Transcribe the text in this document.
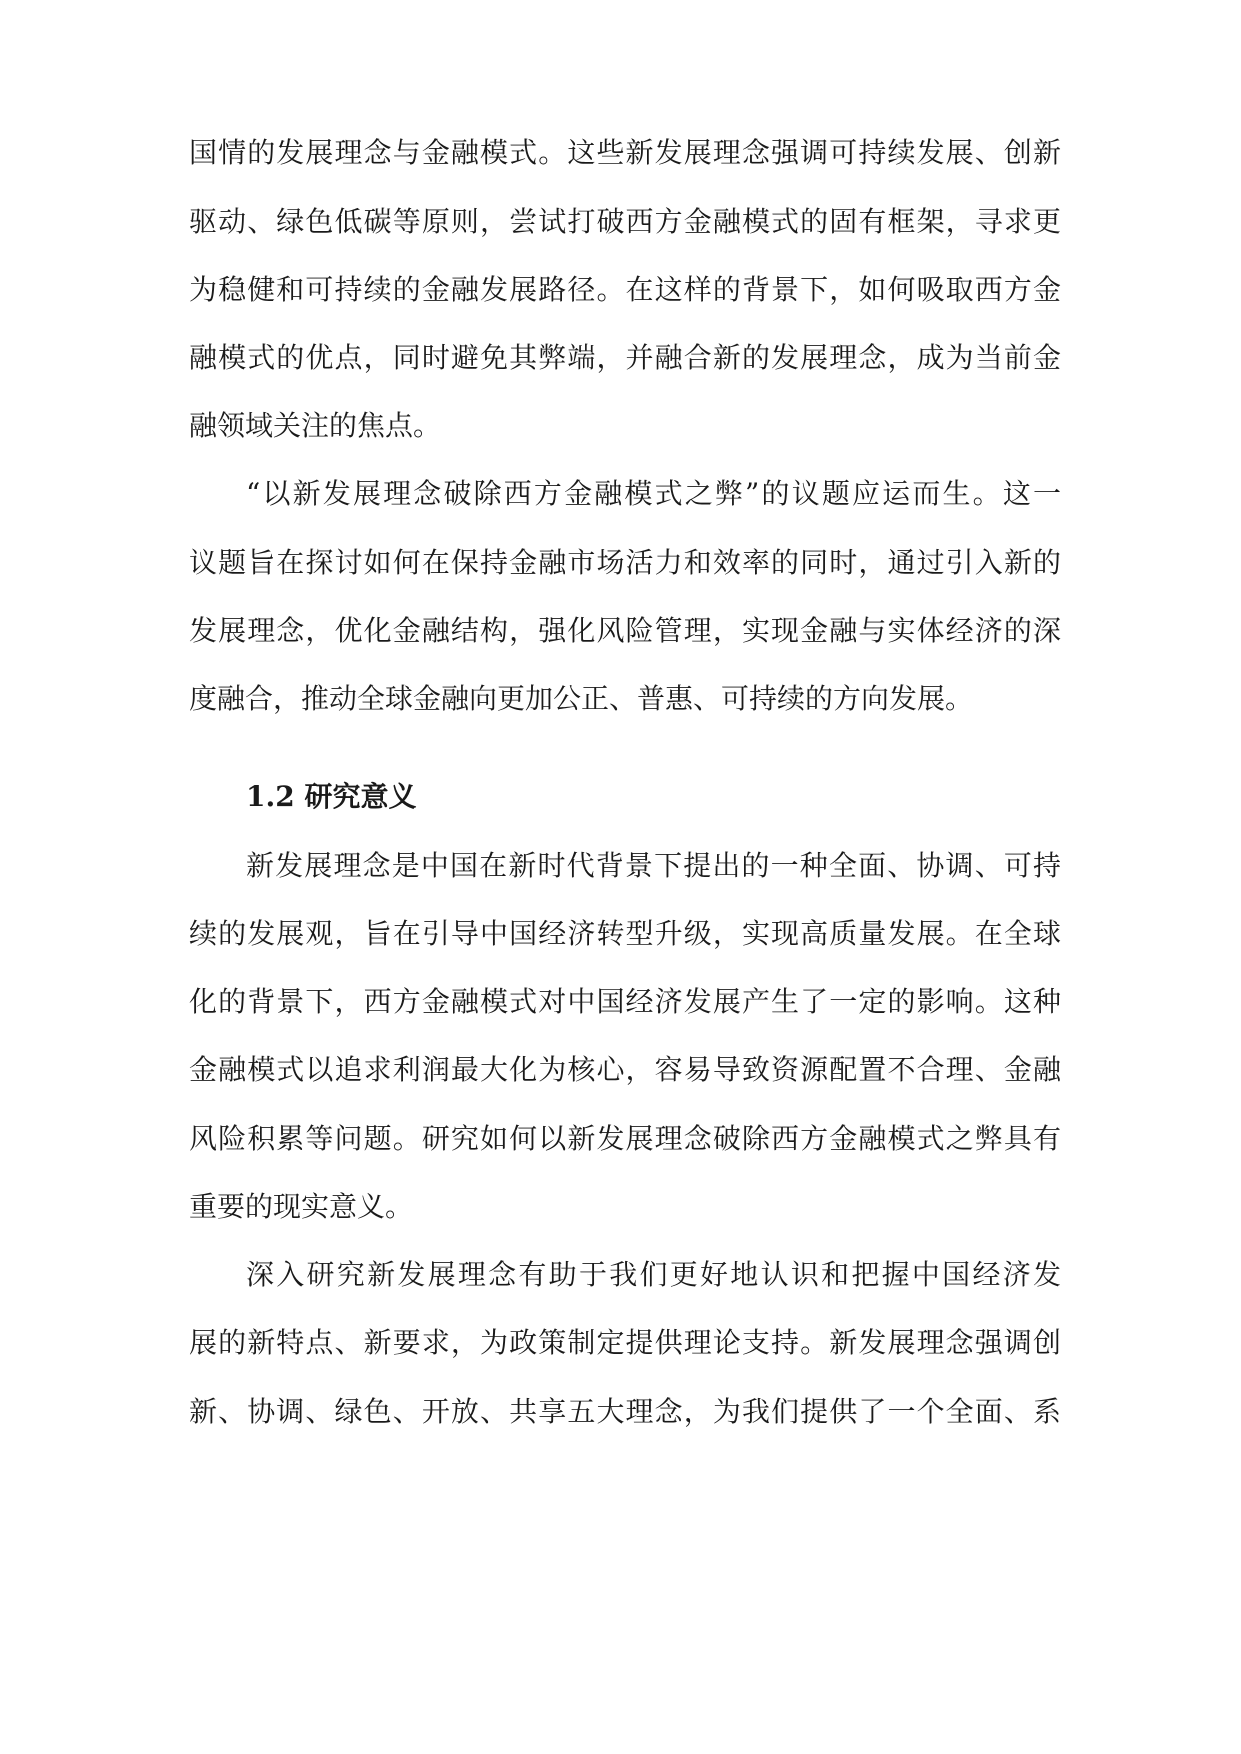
国情的发展理念与金融模式。这些新发展理念强调可持续发展、创新
驱动、绿色低碳等原则，尝试打破西方金融模式的固有框架，寻求更
为稳健和可持续的金融发展路径。在这样的背景下，如何吸取西方金
融模式的优点，同时避免其弊端，并融合新的发展理念，成为当前金
融领域关注的焦点。
“以新发展理念破除西方金融模式之弊”的议题应运而生。这一
议题旨在探讨如何在保持金融市场活力和效率的同时，通过引入新的
发展理念，优化金融结构，强化风险管理，实现金融与实体经济的深
度融合，推动全球金融向更加公正、普惠、可持续的方向发展。
1.2 研究意义
新发展理念是中国在新时代背景下提出的一种全面、协调、可持
续的发展观，旨在引导中国经济转型升级，实现高质量发展。在全球
化的背景下，西方金融模式对中国经济发展产生了一定的影响。这种
金融模式以追求利润最大化为核心，容易导致资源配置不合理、金融
风险积累等问题。研究如何以新发展理念破除西方金融模式之弊具有
重要的现实意义。
深入研究新发展理念有助于我们更好地认识和把握中国经济发
展的新特点、新要求，为政策制定提供理论支持。新发展理念强调创
新、协调、绿色、开放、共享五大理念，为我们提供了一个全面、系
